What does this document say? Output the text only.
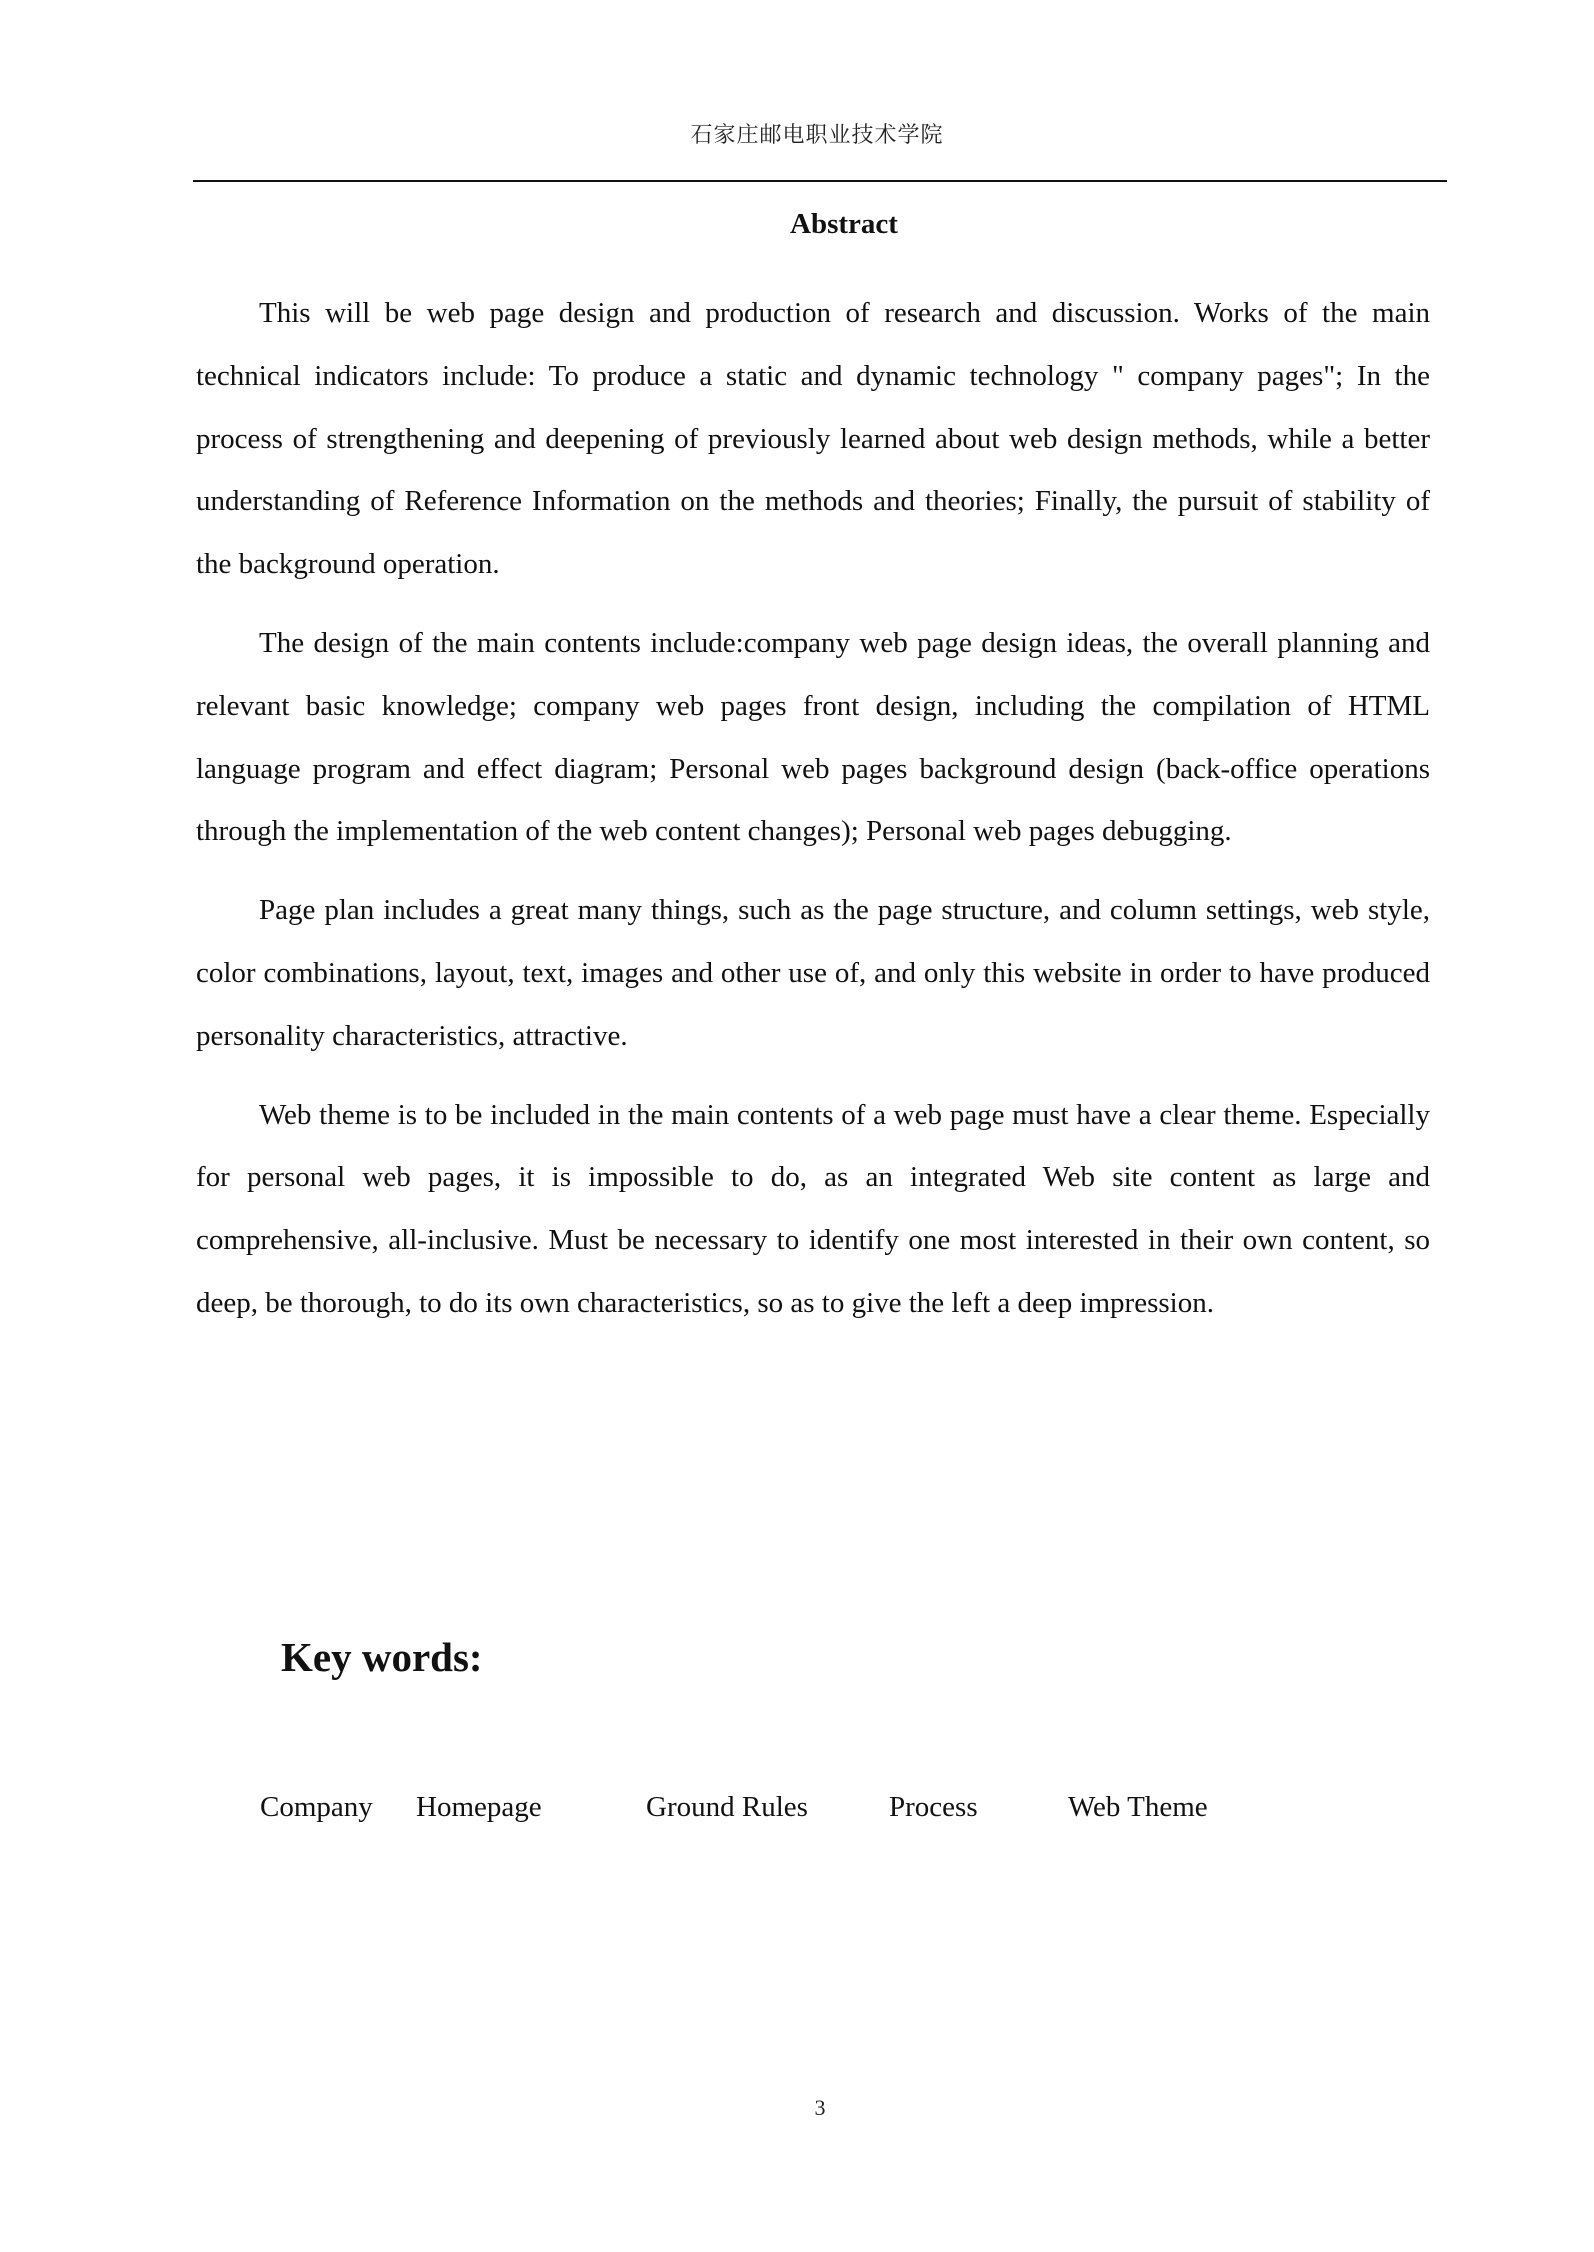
石家庄邮电职业技术学院
Abstract

This will be web page design and production of research and discussion. Works of the main technical indicators include: To produce a static and dynamic technology " company pages"; In the process of strengthening and deepening of previously learned about web design methods, while a better understanding of Reference Information on the methods and theories; Finally, the pursuit of stability of the background operation.

The design of the main contents include:company web page design ideas, the overall planning and relevant basic knowledge; company web pages front design, including the compilation of HTML language program and effect diagram; Personal web pages background design (back-office operations through the implementation of the web content changes); Personal web pages debugging.

Page plan includes a great many things, such as the page structure, and column settings, web style, color combinations, layout, text, images and other use of, and only this website in order to have produced personality characteristics, attractive.

Web theme is to be included in the main contents of a web page must have a clear theme. Especially for personal web pages, it is impossible to do, as an integrated Web site content as large and comprehensive, all-inclusive. Must be necessary to identify one most interested in their own content, so deep, be thorough, to do its own characteristics, so as to give the left a deep impression.

Key words:
Company Homepage	Ground Rules	Process	Web Theme
3
